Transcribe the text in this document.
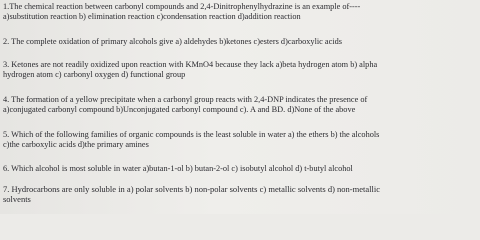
1.The chemical reaction between carbonyl compounds and 2,4-Dinitrophenylhydrazine is an example of----
a)substitution reaction b) elimination reaction c)condensation reaction d)addition reaction
2. The complete oxidation of primary alcohols give a) aldehydes b)ketones c)esters d)carboxylic acids
3. Ketones are not readily oxidized upon reaction with KMnO4 because they lack a)beta hydrogen atom b) alpha
hydrogen atom c) carbonyl oxygen d) functional group
4. The formation of a yellow precipitate when a carbonyl group reacts with 2,4-DNP indicates the presence of
a)conjugated carbonyl compound b)Unconjugated carbonyl compound c). A and BD. d)None of the above
5. Which of the following families of organic compounds is the least soluble in water a) the ethers b) the alcohols
c)the carboxylic acids d)the primary amines
6. Which alcohol is most soluble in water a)butan-1-ol b) butan-2-ol c) isobutyl alcohol d) t-butyl alcohol
7. Hydrocarbons are only soluble in a) polar solvents b) non-polar solvents c) metallic solvents d) non-metallic
solvents
